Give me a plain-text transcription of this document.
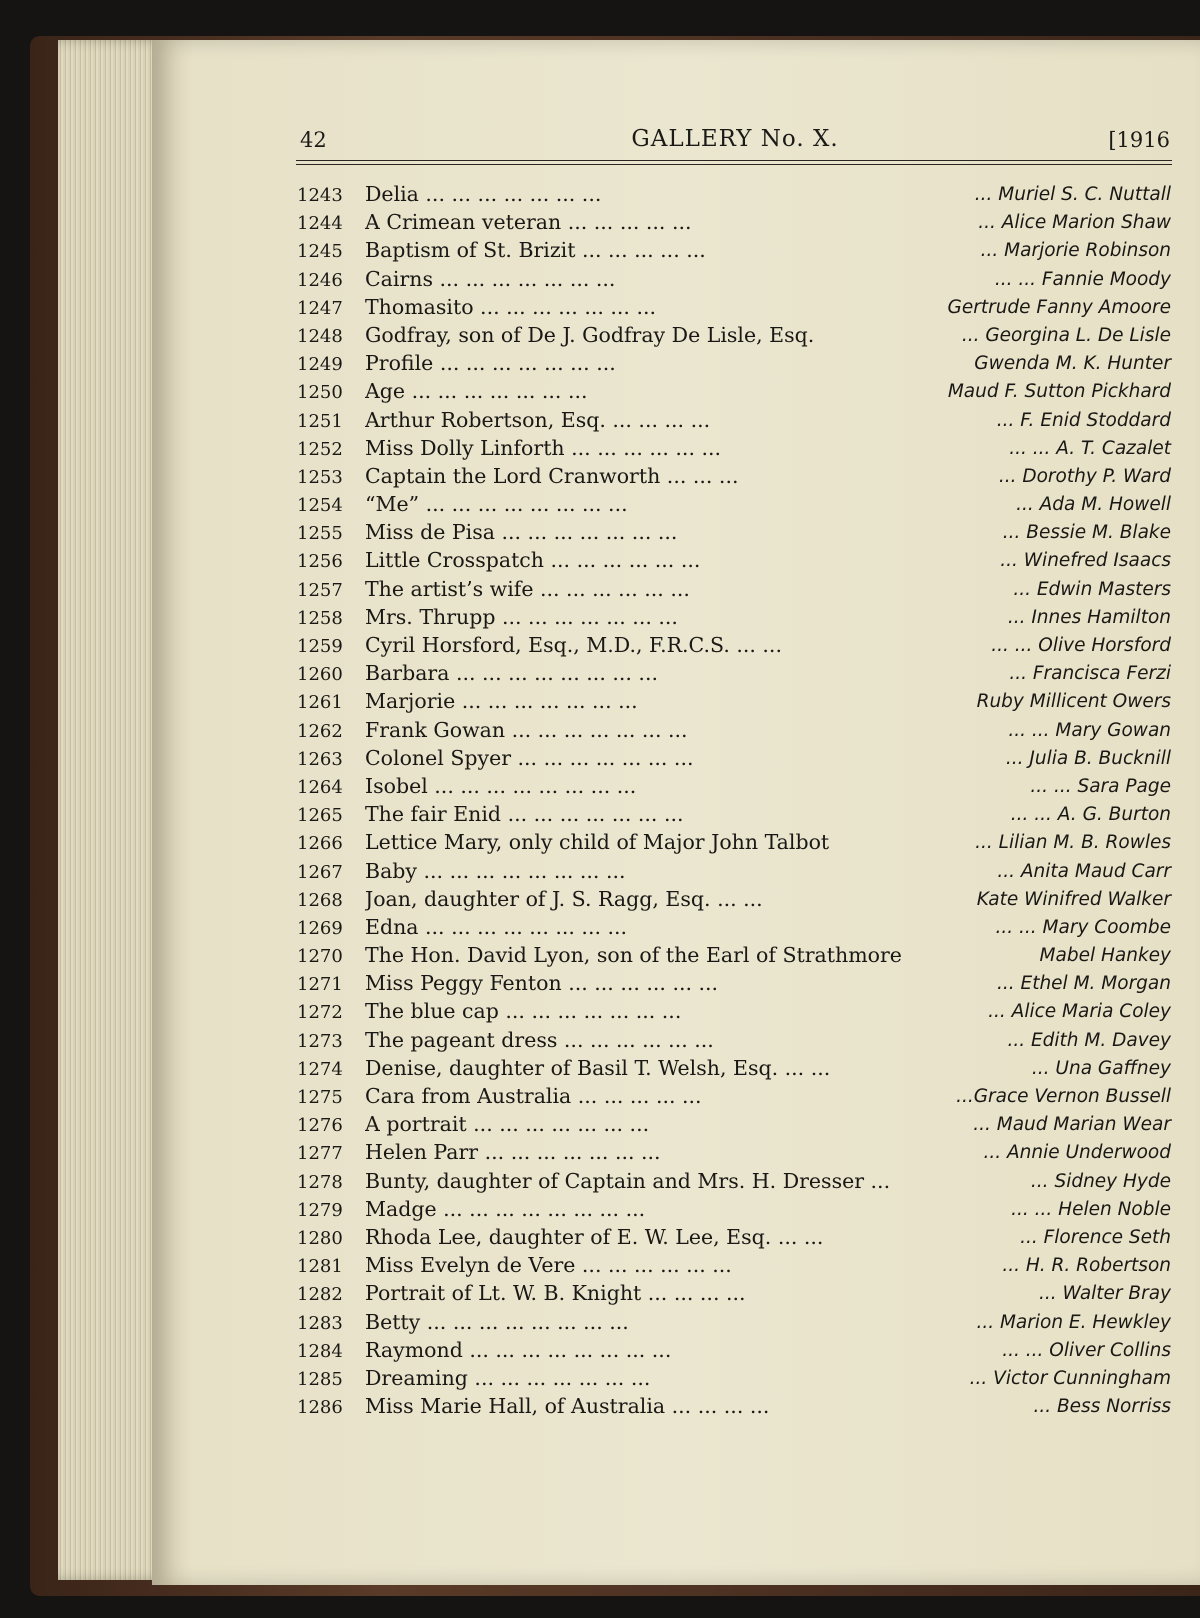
42	GALLERY No. X.	[1916
1243 Delia ... ... ... ... ... ... ...	... Muriel S. C. Nuttall
1244 A Crimean veteran ... ... ... ... ...	... Alice Marion Shaw
1245 Baptism of St. Brizit ... ... ... ... ...	... Marjorie Robinson
1246 Cairns ... ... ... ... ... ... ...	... ... Fannie Moody
1247 Thomasito ... ... ... ... ... ... ...	Gertrude Fanny Amoore
1248 Godfray, son of De J. Godfray De Lisle, Esq.	... Georgina L. De Lisle
1249 Profile ... ... ... ... ... ... ...	Gwenda M. K. Hunter
1250 Age ... ... ... ... ... ... ...	Maud F. Sutton Pickhard
1251 Arthur Robertson, Esq. ... ... ... ...	... F. Enid Stoddard
1252 Miss Dolly Linforth ... ... ... ... ... ...	... ... A. T. Cazalet
1253 Captain the Lord Cranworth ... ... ...	... Dorothy P. Ward
1254 “Me” ... ... ... ... ... ... ... ...	... Ada M. Howell
1255 Miss de Pisa ... ... ... ... ... ... ...	... Bessie M. Blake
1256 Little Crosspatch ... ... ... ... ... ...	... Winefred Isaacs
1257 The artist’s wife ... ... ... ... ... ...	... Edwin Masters
1258 Mrs. Thrupp ... ... ... ... ... ... ...	... Innes Hamilton
1259 Cyril Horsford, Esq., M.D., F.R.C.S. ... ...	... ... Olive Horsford
1260 Barbara ... ... ... ... ... ... ... ...	... Francisca Ferzi
1261 Marjorie ... ... ... ... ... ... ...	Ruby Millicent Owers
1262 Frank Gowan ... ... ... ... ... ... ...	... ... Mary Gowan
1263 Colonel Spyer ... ... ... ... ... ... ...	... Julia B. Bucknill
1264 Isobel ... ... ... ... ... ... ... ...	... ... Sara Page
1265 The fair Enid ... ... ... ... ... ... ...	... ... A. G. Burton
1266 Lettice Mary, only child of Major John Talbot	... Lilian M. B. Rowles
1267 Baby ... ... ... ... ... ... ... ...	... Anita Maud Carr
1268 Joan, daughter of J. S. Ragg, Esq. ... ...	Kate Winifred Walker
1269 Edna ... ... ... ... ... ... ... ...	... ... Mary Coombe
1270 The Hon. David Lyon, son of the Earl of Strathmore	Mabel Hankey
1271 Miss Peggy Fenton ... ... ... ... ... ...	... Ethel M. Morgan
1272 The blue cap ... ... ... ... ... ... ...	... Alice Maria Coley
1273 The pageant dress ... ... ... ... ... ...	... Edith M. Davey
1274 Denise, daughter of Basil T. Welsh, Esq. ... ...	... Una Gaffney
1275 Cara from Australia ... ... ... ... ...	...Grace Vernon Bussell
1276 A portrait ... ... ... ... ... ... ...	... Maud Marian Wear
1277 Helen Parr ... ... ... ... ... ... ...	... Annie Underwood
1278 Bunty, daughter of Captain and Mrs. H. Dresser ...	... Sidney Hyde
1279 Madge ... ... ... ... ... ... ... ...	... ... Helen Noble
1280 Rhoda Lee, daughter of E. W. Lee, Esq. ... ...	... Florence Seth
1281 Miss Evelyn de Vere ... ... ... ... ... ...	... H. R. Robertson
1282 Portrait of Lt. W. B. Knight ... ... ... ...	... Walter Bray
1283 Betty ... ... ... ... ... ... ... ...	... Marion E. Hewkley
1284 Raymond ... ... ... ... ... ... ... ...	... ... Oliver Collins
1285 Dreaming ... ... ... ... ... ... ...	... Victor Cunningham
1286 Miss Marie Hall, of Australia ... ... ... ...	... Bess Norriss
